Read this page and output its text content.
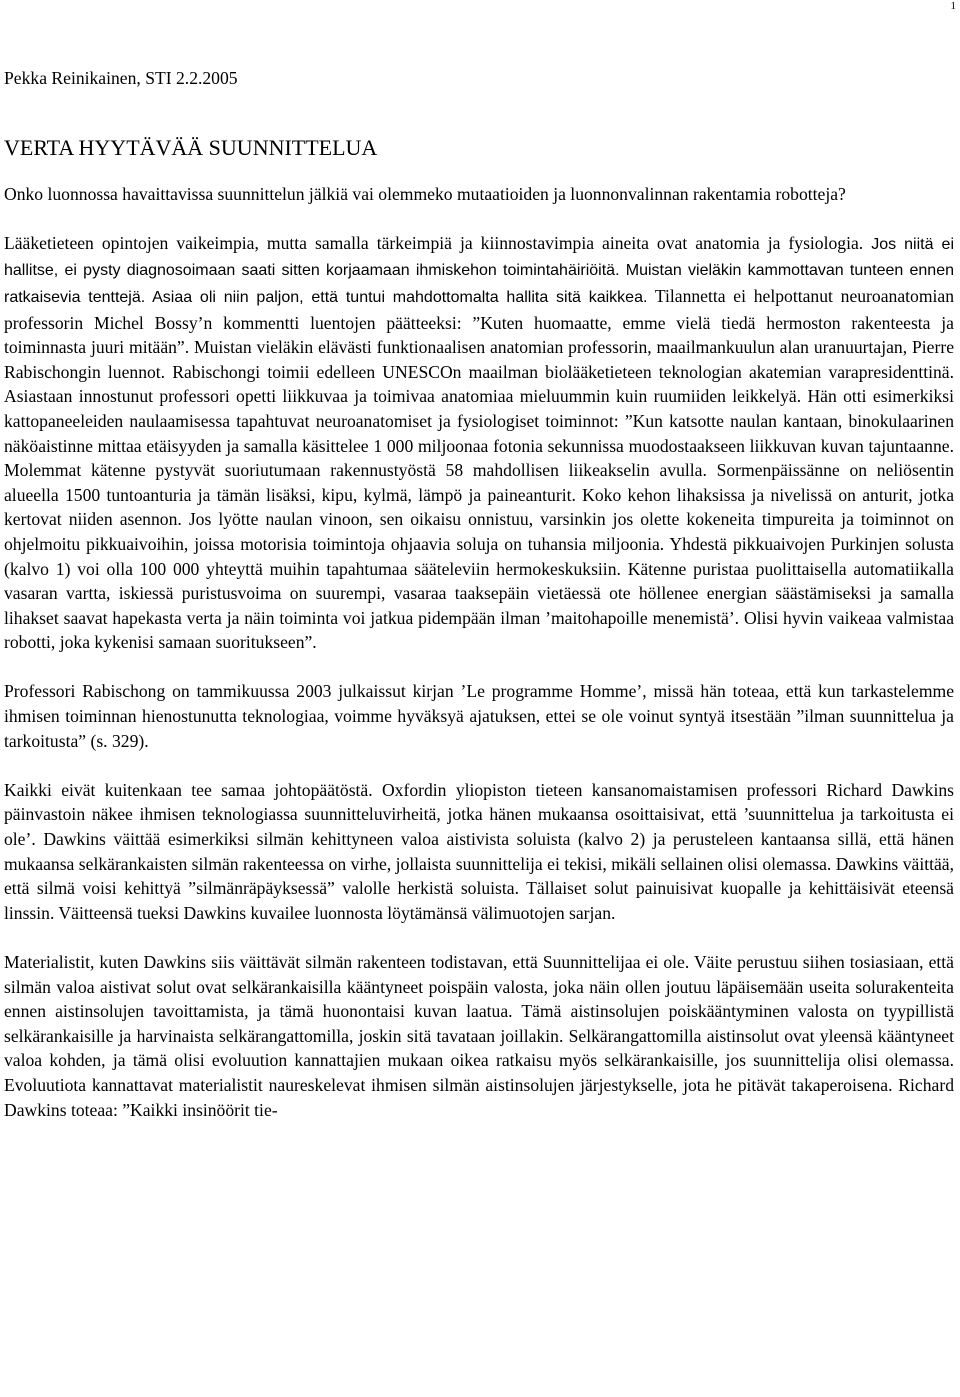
1

Pekka Reinikainen, STI 2.2.2005

VERTA HYYTÄVÄÄ SUUNNITTELUA

Onko luonnossa havaittavissa suunnittelun jälkiä vai olemmeko mutaatioiden ja luonnonvalinnan rakentamia robotteja?

Lääketieteen opintojen vaikeimpia, mutta samalla tärkeimpiä ja kiinnostavimpia aineita ovat anatomia ja fysiologia. Jos niitä ei hallitse, ei pysty diagnosoimaan saati sitten korjaamaan ihmiskehon toimintahäiriöitä. Muistan vieläkin kammottavan tunteen ennen ratkaisevia tenttejä. Asiaa oli niin paljon, että tuntui mahdottomalta hallita sitä kaikkea. Tilannetta ei helpottanut neuroanatomian professorin Michel Bossy’n kommentti luentojen päätteeksi: ”Kuten huomaatte, emme vielä tiedä hermoston rakenteesta ja toiminnasta juuri mitään”. Muistan vieläkin elävästi funktionaalisen anatomian professorin, maailmankuulun alan uranuurtajan, Pierre Rabischongin luennot. Rabischongi toimii edelleen UNESCOn maailman biolääketieteen teknologian akatemian varapresidenttinä. Asiastaan innostunut professori opetti liikkuvaa ja toimivaa anatomiaa mieluummin kuin ruumiiden leikkelyä. Hän otti esimerkiksi kattopaneeleiden naulaamisessa tapahtuvat neuroanatomiset ja fysiologiset toiminnot: ”Kun katsotte naulan kantaan, binokulaarinen näköaistinne mittaa etäisyyden ja samalla käsittelee 1 000 miljoonaa fotonia sekunnissa muodostaakseen liikkuvan kuvan tajuntaanne. Molemmat kätenne pystyvät suoriutumaan rakennustyöstä 58 mahdollisen liikeakselin avulla. Sormenpäissänne on neliösentin alueella 1500 tuntoanturia ja tämän lisäksi, kipu, kylmä, lämpö ja paineanturit. Koko kehon lihaksissa ja nivelissä on anturit, jotka kertovat niiden asennon. Jos lyötte naulan vinoon, sen oikaisu onnistuu, varsinkin jos olette kokeneita timpureita ja toiminnot on ohjelmoitu pikkuaivoihin, joissa motorisia toimintoja ohjaavia soluja on tuhansia miljoonia. Yhdestä pikkuaivojen Purkinjen solusta (kalvo 1) voi olla 100 000 yhteyttä muihin tapahtumaa sääteleviin hermokeskuksiin. Kätenne puristaa puolittaisella automatiikalla vasaran vartta, iskiessä puristusvoima on suurempi, vasaraa taaksepäin vietäessä ote höllenee energian säästämiseksi ja samalla lihakset saavat hapekasta verta ja näin toiminta voi jatkua pidempään ilman ’maitohapoille menemistä’. Olisi hyvin vaikeaa valmistaa robotti, joka kykenisi samaan suoritukseen”.

Professori Rabischong on tammikuussa 2003 julkaissut kirjan ’Le programme Homme’, missä hän toteaa, että kun tarkastelemme ihmisen toiminnan hienostunutta teknologiaa, voimme hyväksyä ajatuksen, ettei se ole voinut syntyä itsestään ”ilman suunnittelua ja tarkoitusta” (s. 329).

Kaikki eivät kuitenkaan tee samaa johtopäätöstä. Oxfordin yliopiston tieteen kansanomaistamisen professori Richard Dawkins päinvastoin näkee ihmisen teknologiassa suunnitteluvirheitä, jotka hänen mukaansa osoittaisivat, että ’suunnittelua ja tarkoitusta ei ole’. Dawkins väittää esimerkiksi silmän kehittyneen valoa aistivista soluista (kalvo 2) ja perusteleen kantaansa sillä, että hänen mukaansa selkärankaisten silmän rakenteessa on virhe, jollaista suunnittelija ei tekisi, mikäli sellainen olisi olemassa. Dawkins väittää, että silmä voisi kehittyä ”silmänräpäyksessä” valolle herkistä soluista. Tällaiset solut painuisivat kuopalle ja kehittäisivät eteensä linssin. Väitteensä tueksi Dawkins kuvailee luonnosta löytämänsä välimuotojen sarjan.

Materialistit, kuten Dawkins siis väittävät silmän rakenteen todistavan, että Suunnittelijaa ei ole. Väite perustuu siihen tosiasiaan, että silmän valoa aistivat solut ovat selkärankaisilla kääntyneet poispäin valosta, joka näin ollen joutuu läpäisemään useita solurakenteita ennen aistinsolujen tavoittamista, ja tämä huonontaisi kuvan laatua. Tämä aistinsolujen poiskääntyminen valosta on tyypillistä selkärankaisille ja harvinaista selkärangattomilla, joskin sitä tavataan joillakin. Selkärangattomilla aistinsolut ovat yleensä kääntyneet valoa kohden, ja tämä olisi evoluution kannattajien mukaan oikea ratkaisu myös selkärankaisille, jos suunnittelija olisi olemassa. Evoluutiota kannattavat materialistit naureskelevat ihmisen silmän aistinsolujen järjestykselle, jota he pitävät takaperoisena. Richard Dawkins toteaa: ”Kaikki insinöörit tie-
